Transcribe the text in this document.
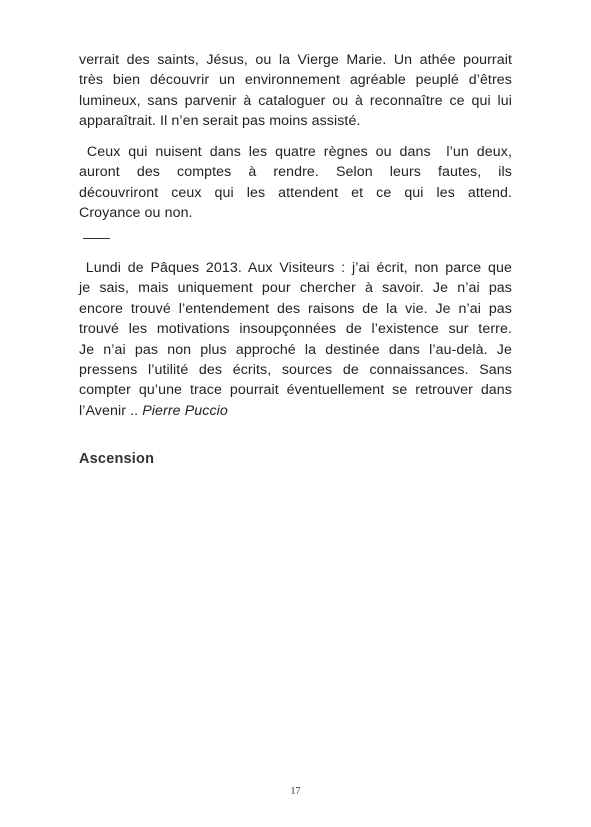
verrait des saints, Jésus, ou la Vierge Marie. Un athée pourrait
très bien découvrir un environnement agréable peuplé d’êtres
lumineux, sans parvenir à cataloguer ou à reconnaître ce qui lui
apparaîtrait. Il n’en serait pas moins assisté.
Ceux qui nuisent dans les quatre règnes ou dans  l’un deux,
auront des comptes à rendre. Selon leurs fautes, ils
découvriront ceux qui les attendent et ce qui les attend.
Croyance ou non.
——
Lundi de Pâques 2013. Aux Visiteurs : j’ai écrit, non parce que
je sais, mais uniquement pour chercher à savoir. Je n’ai pas
encore trouvé l’entendement des raisons de la vie. Je n’ai pas
trouvé les motivations insoupçonnées de l’existence sur terre.
Je n’ai pas non plus approché la destinée dans l’au-delà. Je
pressens l’utilité des écrits, sources de connaissances. Sans
compter qu’une trace pourrait éventuellement se retrouver dans
l’Avenir .. Pierre Puccio
Ascension
17
